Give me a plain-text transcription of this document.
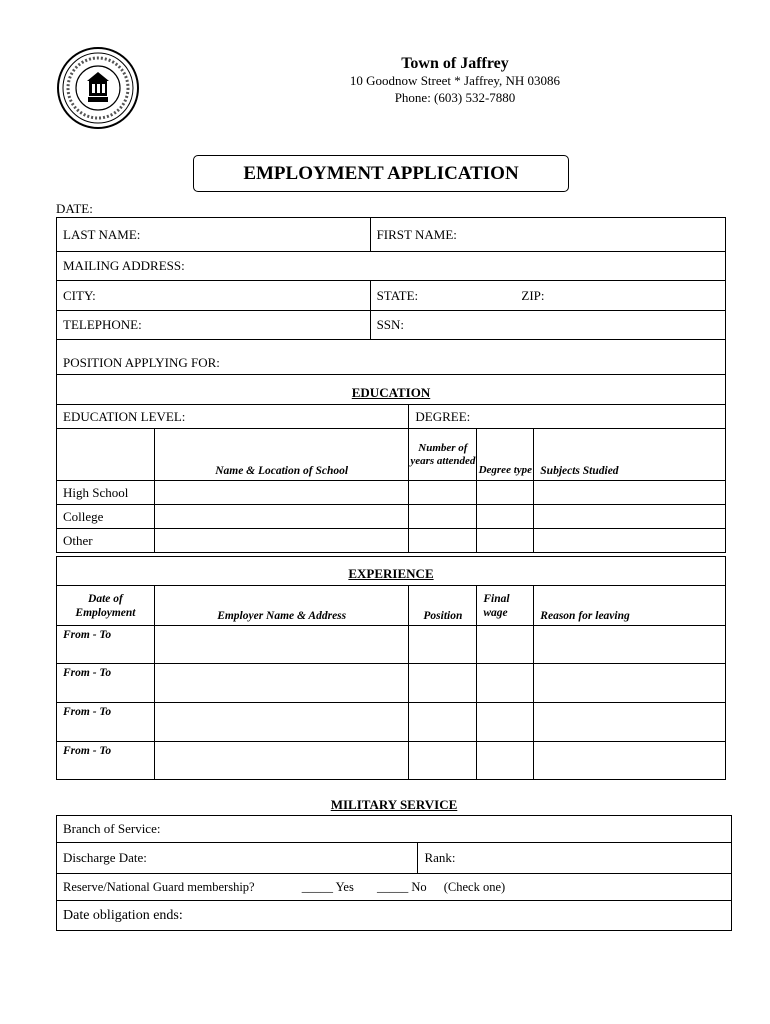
Town of Jaffrey
10 Goodnow Street * Jaffrey, NH 03086
Phone: (603) 532-7880
EMPLOYMENT APPLICATION
DATE:
LAST NAME:	FIRST NAME:
MAILING ADDRESS:	
CITY:	STATE: ZIP:
TELEPHONE:	SSN:
POSITION APPLYING FOR:	
EDUCATION				
EDUCATION LEVEL:		DEGREE:		
	Name & Location of School	Number of years attended	Degree type	Subjects Studied
High School				
College				
Other				
EXPERIENCE				
Date of Employment	Employer Name & Address	Position	Final wage	Reason for leaving
From - To				
From - To				
From - To				
From - To				
MILITARY SERVICE
Branch of Service:
Discharge Date:	Rank:
Reserve/National Guard membership?	_____ Yes _____ No (Check one)
Date obligation ends:
